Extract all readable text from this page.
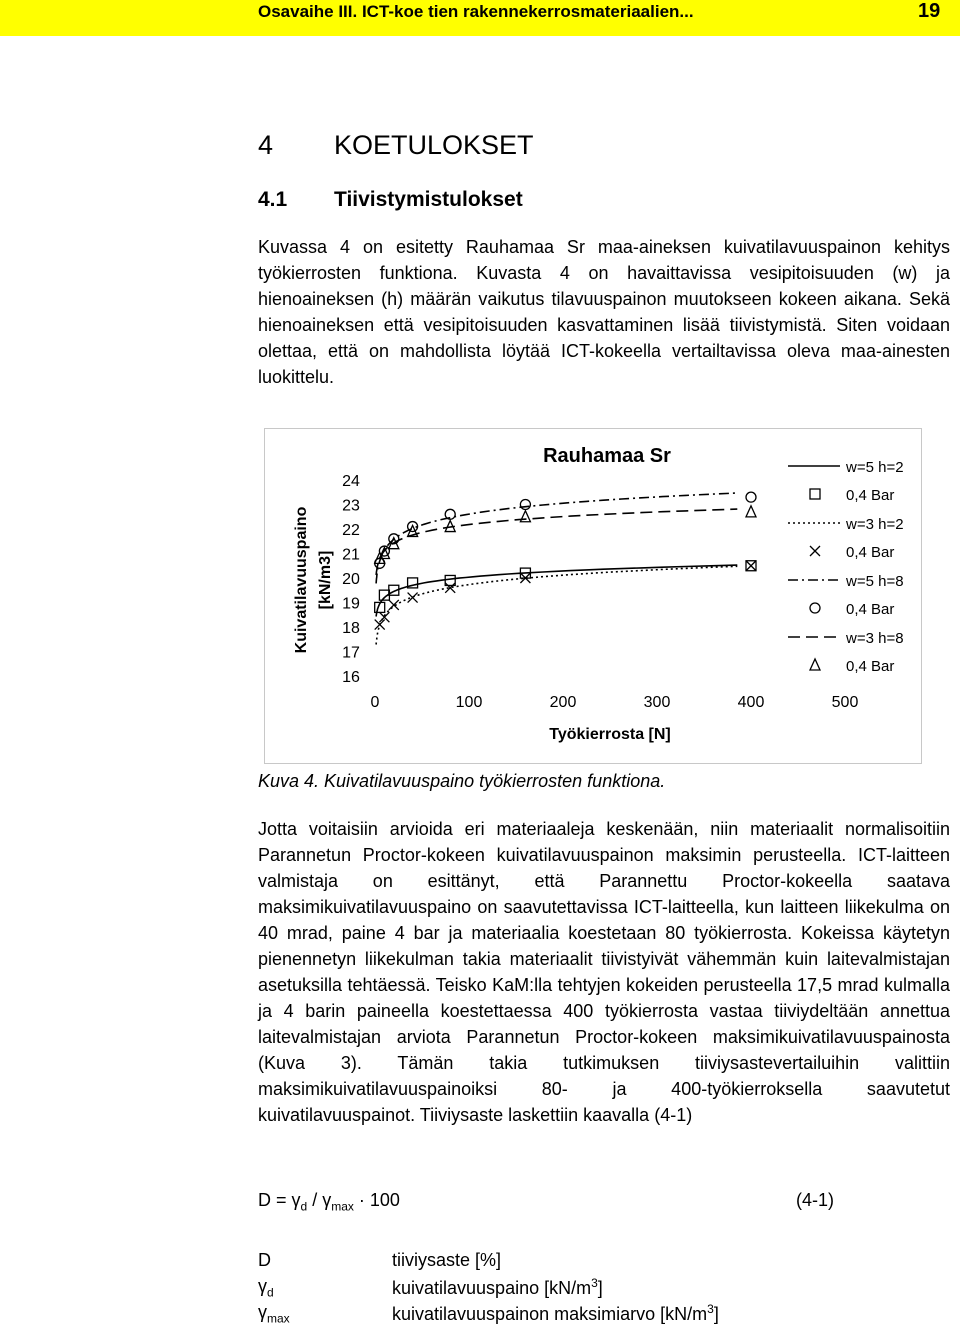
Osavaihe III. ICT-koe tien rakennekerrosmateriaalien...	19
4 KOETULOKSET
4.1 Tiivistymistulokset
Kuvassa 4 on esitetty Rauhamaa Sr maa-aineksen kuivatilavuuspainon kehitys työkierrosten funktiona. Kuvasta 4 on havaittavissa vesipitoisuuden (w) ja hienoaineksen (h) määrän vaikutus tilavuuspainon muutokseen kokeen aikana. Sekä hienoaineksen että vesipitoisuuden kasvattaminen lisää tiivistymistä. Siten voidaan olettaa, että on mahdollista löytää ICT-kokeella vertailtavissa oleva maa-ainesten luokittelu.
Rauhamaa Sr
24
23
22
21
20
19
18
17
16
0	100	200	300	400	500
Työkierrosta [N]
Kuivatilavuuspaino [kN/m3]
w=5 h=2
0,4 Bar
w=3 h=2
0,4 Bar
w=5 h=8
0,4 Bar
w=3 h=8
0,4 Bar
Kuva 4. Kuivatilavuuspaino työkierrosten funktiona.
Jotta voitaisiin arvioida eri materiaaleja keskenään, niin materiaalit normalisoitiin Parannetun Proctor-kokeen kuivatilavuuspainon maksimin perusteella. ICT-laitteen valmistaja on esittänyt, että Parannettu Proctor-kokeella saatava maksimikuivatilavuuspaino on saavutettavissa ICT-laitteella, kun laitteen liikekulma on 40 mrad, paine 4 bar ja materiaalia koestetaan 80 työkierrosta. Kokeissa käytetyn pienennetyn liikekulman takia materiaalit tiivistyivät vähemmän kuin laitevalmistajan asetuksilla tehtäessä. Teisko KaM:lla tehtyjen kokeiden perusteella 17,5 mrad kulmalla ja 4 barin paineella koestettaessa 400 työkierrosta vastaa tiiviydeltään annettua laitevalmistajan arviota Parannetun Proctor-kokeen maksimikuivatilavuuspainosta (Kuva 3). Tämän takia tutkimuksen tiiviysastevertailuihin valittiin maksimikuivatilavuuspainoiksi 80- ja 400-työkierroksella saavutetut kuivatilavuuspainot. Tiiviysaste laskettiin kaavalla (4-1)
$D = \gamma_d / \gamma_{max} \cdot 100$	(4-1)
D	tiiviysaste [%]
$\gamma_d$	kuivatilavuuspaino $[kN/m^3]$
$\gamma_{max}$	kuivatilavuuspainon maksimiarvo $[kN/m^3]$
